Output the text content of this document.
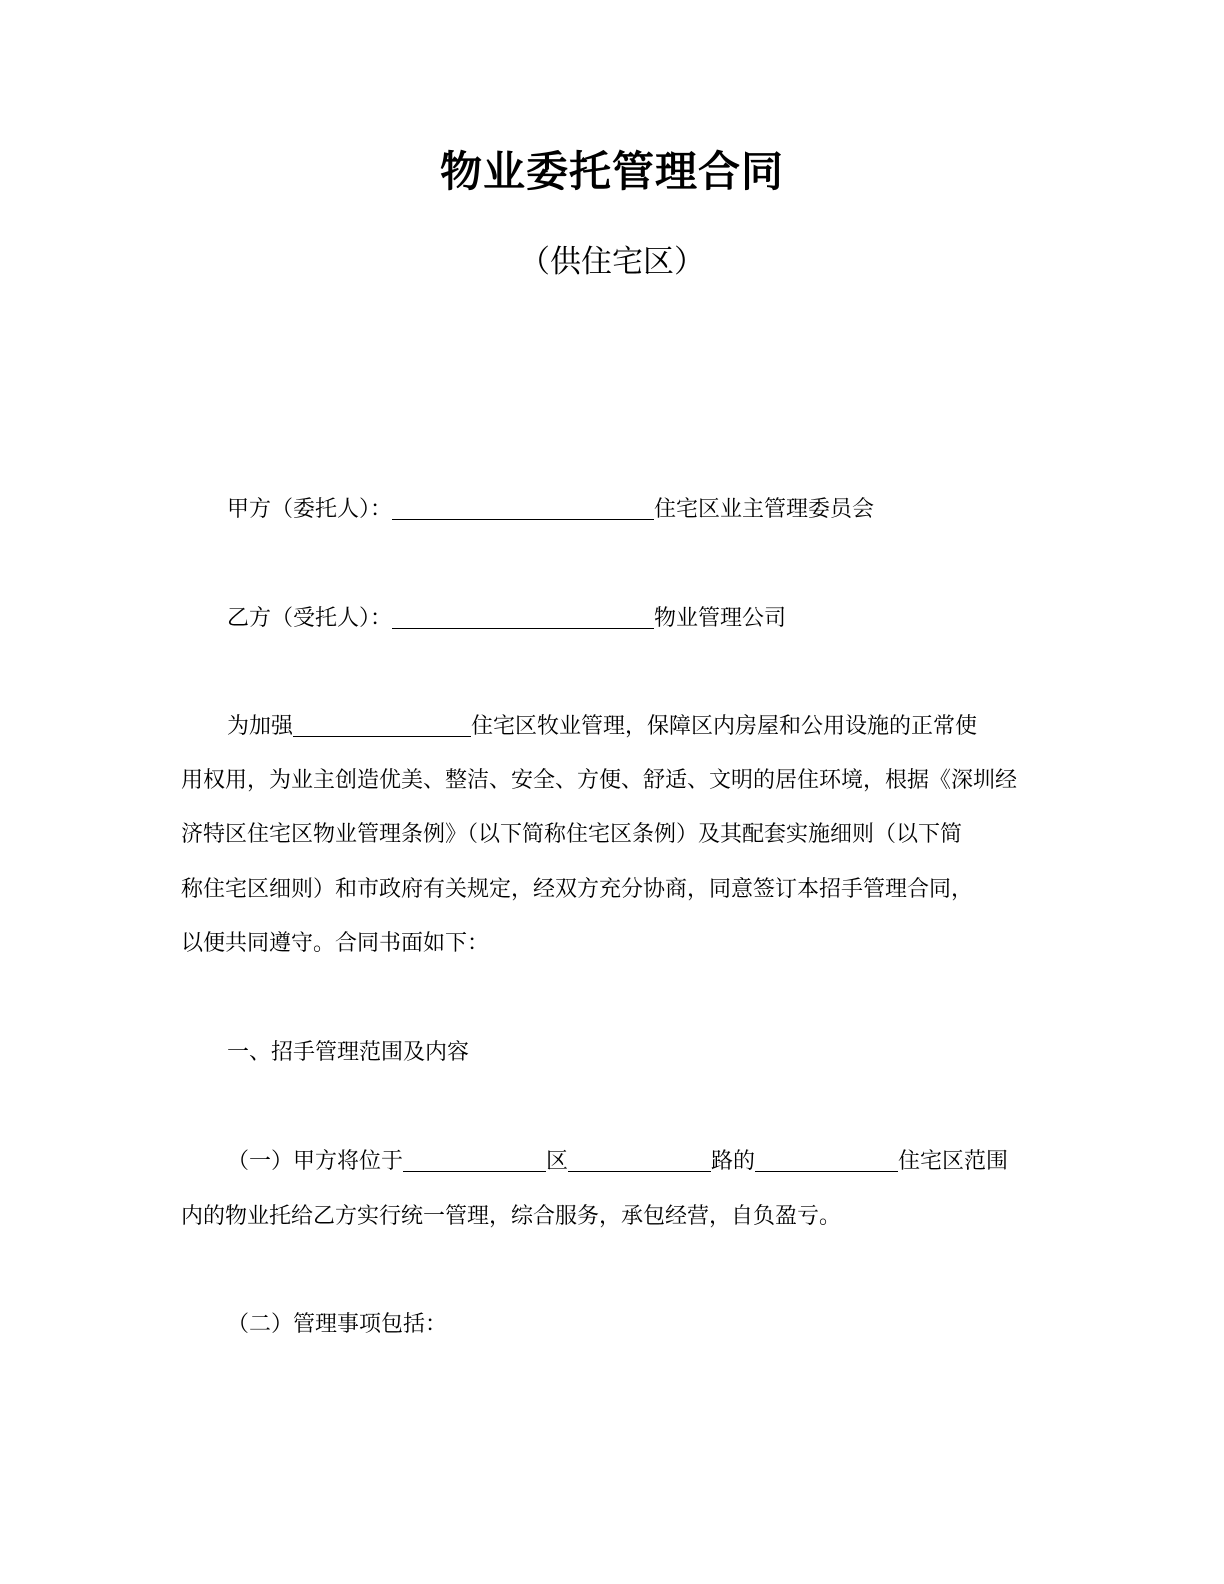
物业委托管理合同
（供住宅区）
甲方（委托人）：	住宅区业主管理委员会
乙方（受托人）：	物业管理公司
为加强	住宅区牧业管理，保障区内房屋和公用设施的正常使
用权用，为业主创造优美、整洁、安全、方便、舒适、文明的居住环境，根据《深圳经
济特区住宅区物业管理条例》（以下简称住宅区条例）及其配套实施细则（以下简
称住宅区细则）和市政府有关规定，经双方充分协商，同意签订本招手管理合同，
以便共同遵守。合同书面如下：
一、招手管理范围及内容
（一）甲方将位于	区	路的	住宅区范围
内的物业托给乙方实行统一管理，综合服务，承包经营，自负盈亏。
（二）管理事项包括：
